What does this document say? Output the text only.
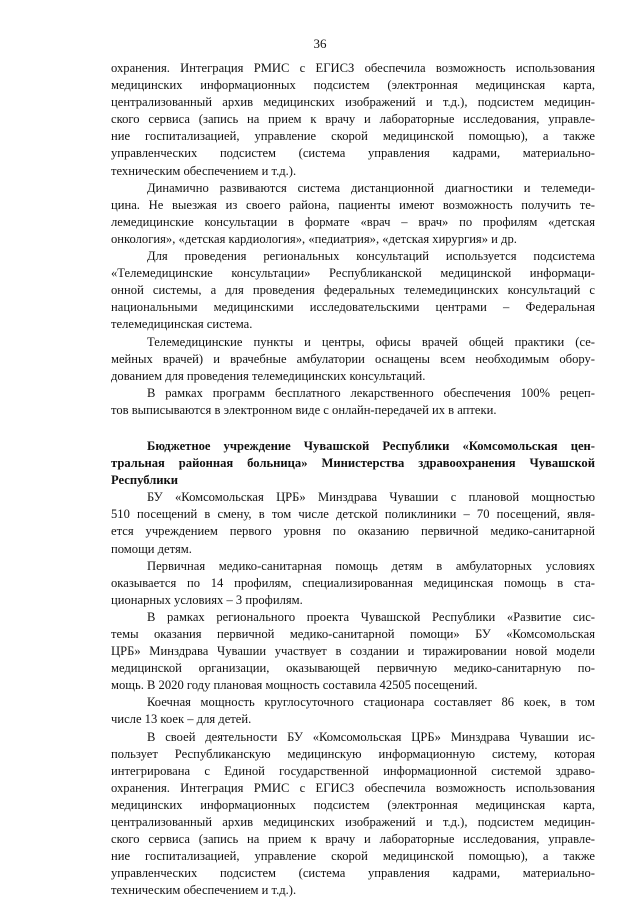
36
охранения. Интеграция РМИС с ЕГИСЗ обеспечила возможность использования
медицинских информационных подсистем (электронная медицинская карта,
централизованный архив медицинских изображений и т.д.), подсистем медицин-
ского сервиса (запись на прием к врачу и лабораторные исследования, управле-
ние госпитализацией, управление скорой медицинской помощью), а также
управленческих подсистем (система управления кадрами, материально-
техническим обеспечением и т.д.).
Динамично развиваются система дистанционной диагностики и телемеди-
цина. Не выезжая из своего района, пациенты имеют возможность получить те-
лемедицинские консультации в формате «врач – врач» по профилям «детская
онкология», «детская кардиология», «педиатрия», «детская хирургия» и др.
Для проведения региональных консультаций используется подсистема
«Телемедицинские консультации» Республиканской медицинской информаци-
онной системы, а для проведения федеральных телемедицинских консультаций с
национальными медицинскими исследовательскими центрами – Федеральная
телемедицинская система.
Телемедицинские пункты и центры, офисы врачей общей практики (се-
мейных врачей) и врачебные амбулатории оснащены всем необходимым обору-
дованием для проведения телемедицинских консультаций.
В рамках программ бесплатного лекарственного обеспечения 100% рецеп-
тов выписываются в электронном виде с онлайн-передачей их в аптеки.
Бюджетное учреждение Чувашской Республики «Комсомольская цен-
тральная районная больница» Министерства здравоохранения Чувашской
Республики
БУ «Комсомольская ЦРБ» Минздрава Чувашии с плановой мощностью
510 посещений в смену, в том числе детской поликлиники – 70 посещений, явля-
ется учреждением первого уровня по оказанию первичной медико-санитарной
помощи детям.
Первичная медико-санитарная помощь детям в амбулаторных условиях
оказывается по 14 профилям, специализированная медицинская помощь в ста-
ционарных условиях – 3 профилям.
В рамках регионального проекта Чувашской Республики «Развитие сис-
темы оказания первичной медико-санитарной помощи» БУ «Комсомольская
ЦРБ» Минздрава Чувашии участвует в создании и тиражировании новой модели
медицинской организации, оказывающей первичную медико-санитарную по-
мощь. В 2020 году плановая мощность составила 42505 посещений.
Коечная мощность круглосуточного стационара составляет 86 коек, в том
числе 13 коек – для детей.
В своей деятельности БУ «Комсомольская ЦРБ» Минздрава Чувашии ис-
пользует Республиканскую медицинскую информационную систему, которая
интегрирована с Единой государственной информационной системой здраво-
охранения. Интеграция РМИС с ЕГИСЗ обеспечила возможность использования
медицинских информационных подсистем (электронная медицинская карта,
централизованный архив медицинских изображений и т.д.), подсистем медицин-
ского сервиса (запись на прием к врачу и лабораторные исследования, управле-
ние госпитализацией, управление скорой медицинской помощью), а также
управленческих подсистем (система управления кадрами, материально-
техническим обеспечением и т.д.).
